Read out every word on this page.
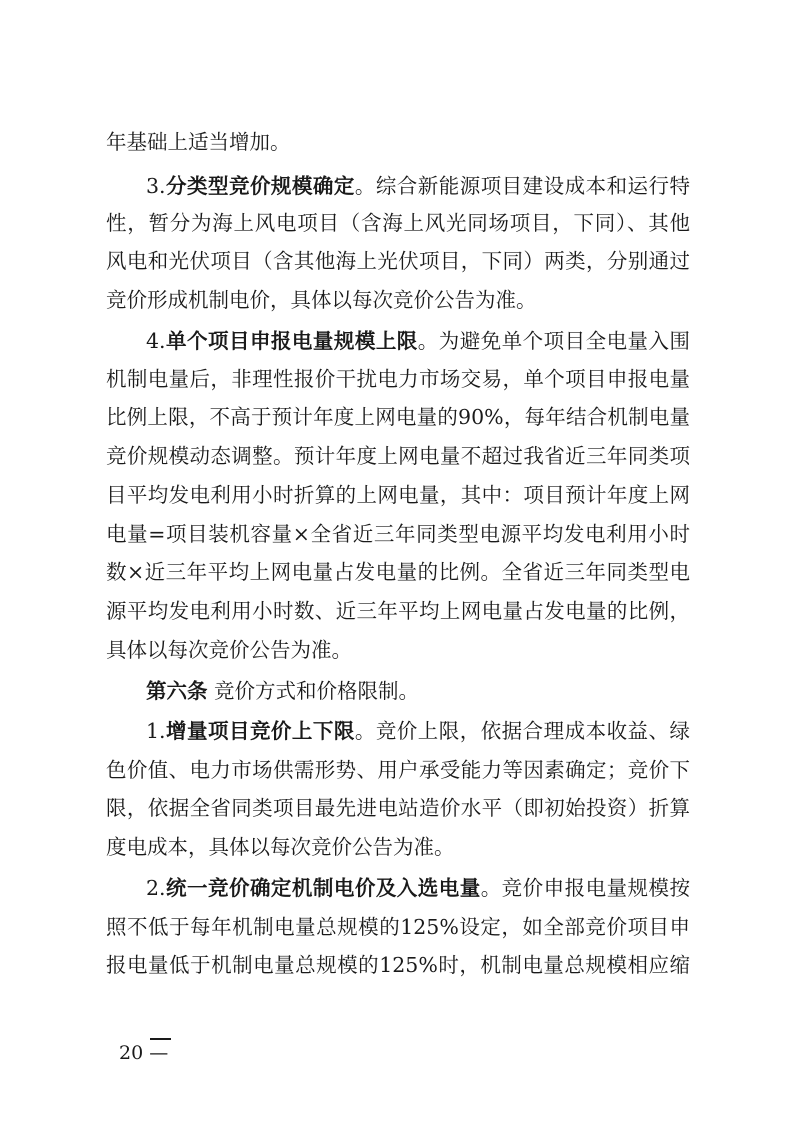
年基础上适当增加。
3.分类型竞价规模确定。综合新能源项目建设成本和运行特
性，暂分为海上风电项目（含海上风光同场项目，下同）、其他
风电和光伏项目（含其他海上光伏项目，下同）两类，分别通过
竞价形成机制电价，具体以每次竞价公告为准。
4.单个项目申报电量规模上限。为避免单个项目全电量入围
机制电量后，非理性报价干扰电力市场交易，单个项目申报电量
比例上限，不高于预计年度上网电量的90%，每年结合机制电量
竞价规模动态调整。预计年度上网电量不超过我省近三年同类项
目平均发电利用小时折算的上网电量，其中：项目预计年度上网
电量=项目装机容量×全省近三年同类型电源平均发电利用小时
数×近三年平均上网电量占发电量的比例。全省近三年同类型电
源平均发电利用小时数、近三年平均上网电量占发电量的比例，
具体以每次竞价公告为准。
第六条 竞价方式和价格限制。
1.增量项目竞价上下限。竞价上限，依据合理成本收益、绿
色价值、电力市场供需形势、用户承受能力等因素确定；竞价下
限，依据全省同类项目最先进电站造价水平（即初始投资）折算
度电成本，具体以每次竞价公告为准。
2.统一竞价确定机制电价及入选电量。竞价申报电量规模按
照不低于每年机制电量总规模的125%设定，如全部竞价项目申
报电量低于机制电量总规模的125%时，机制电量总规模相应缩
20 —
